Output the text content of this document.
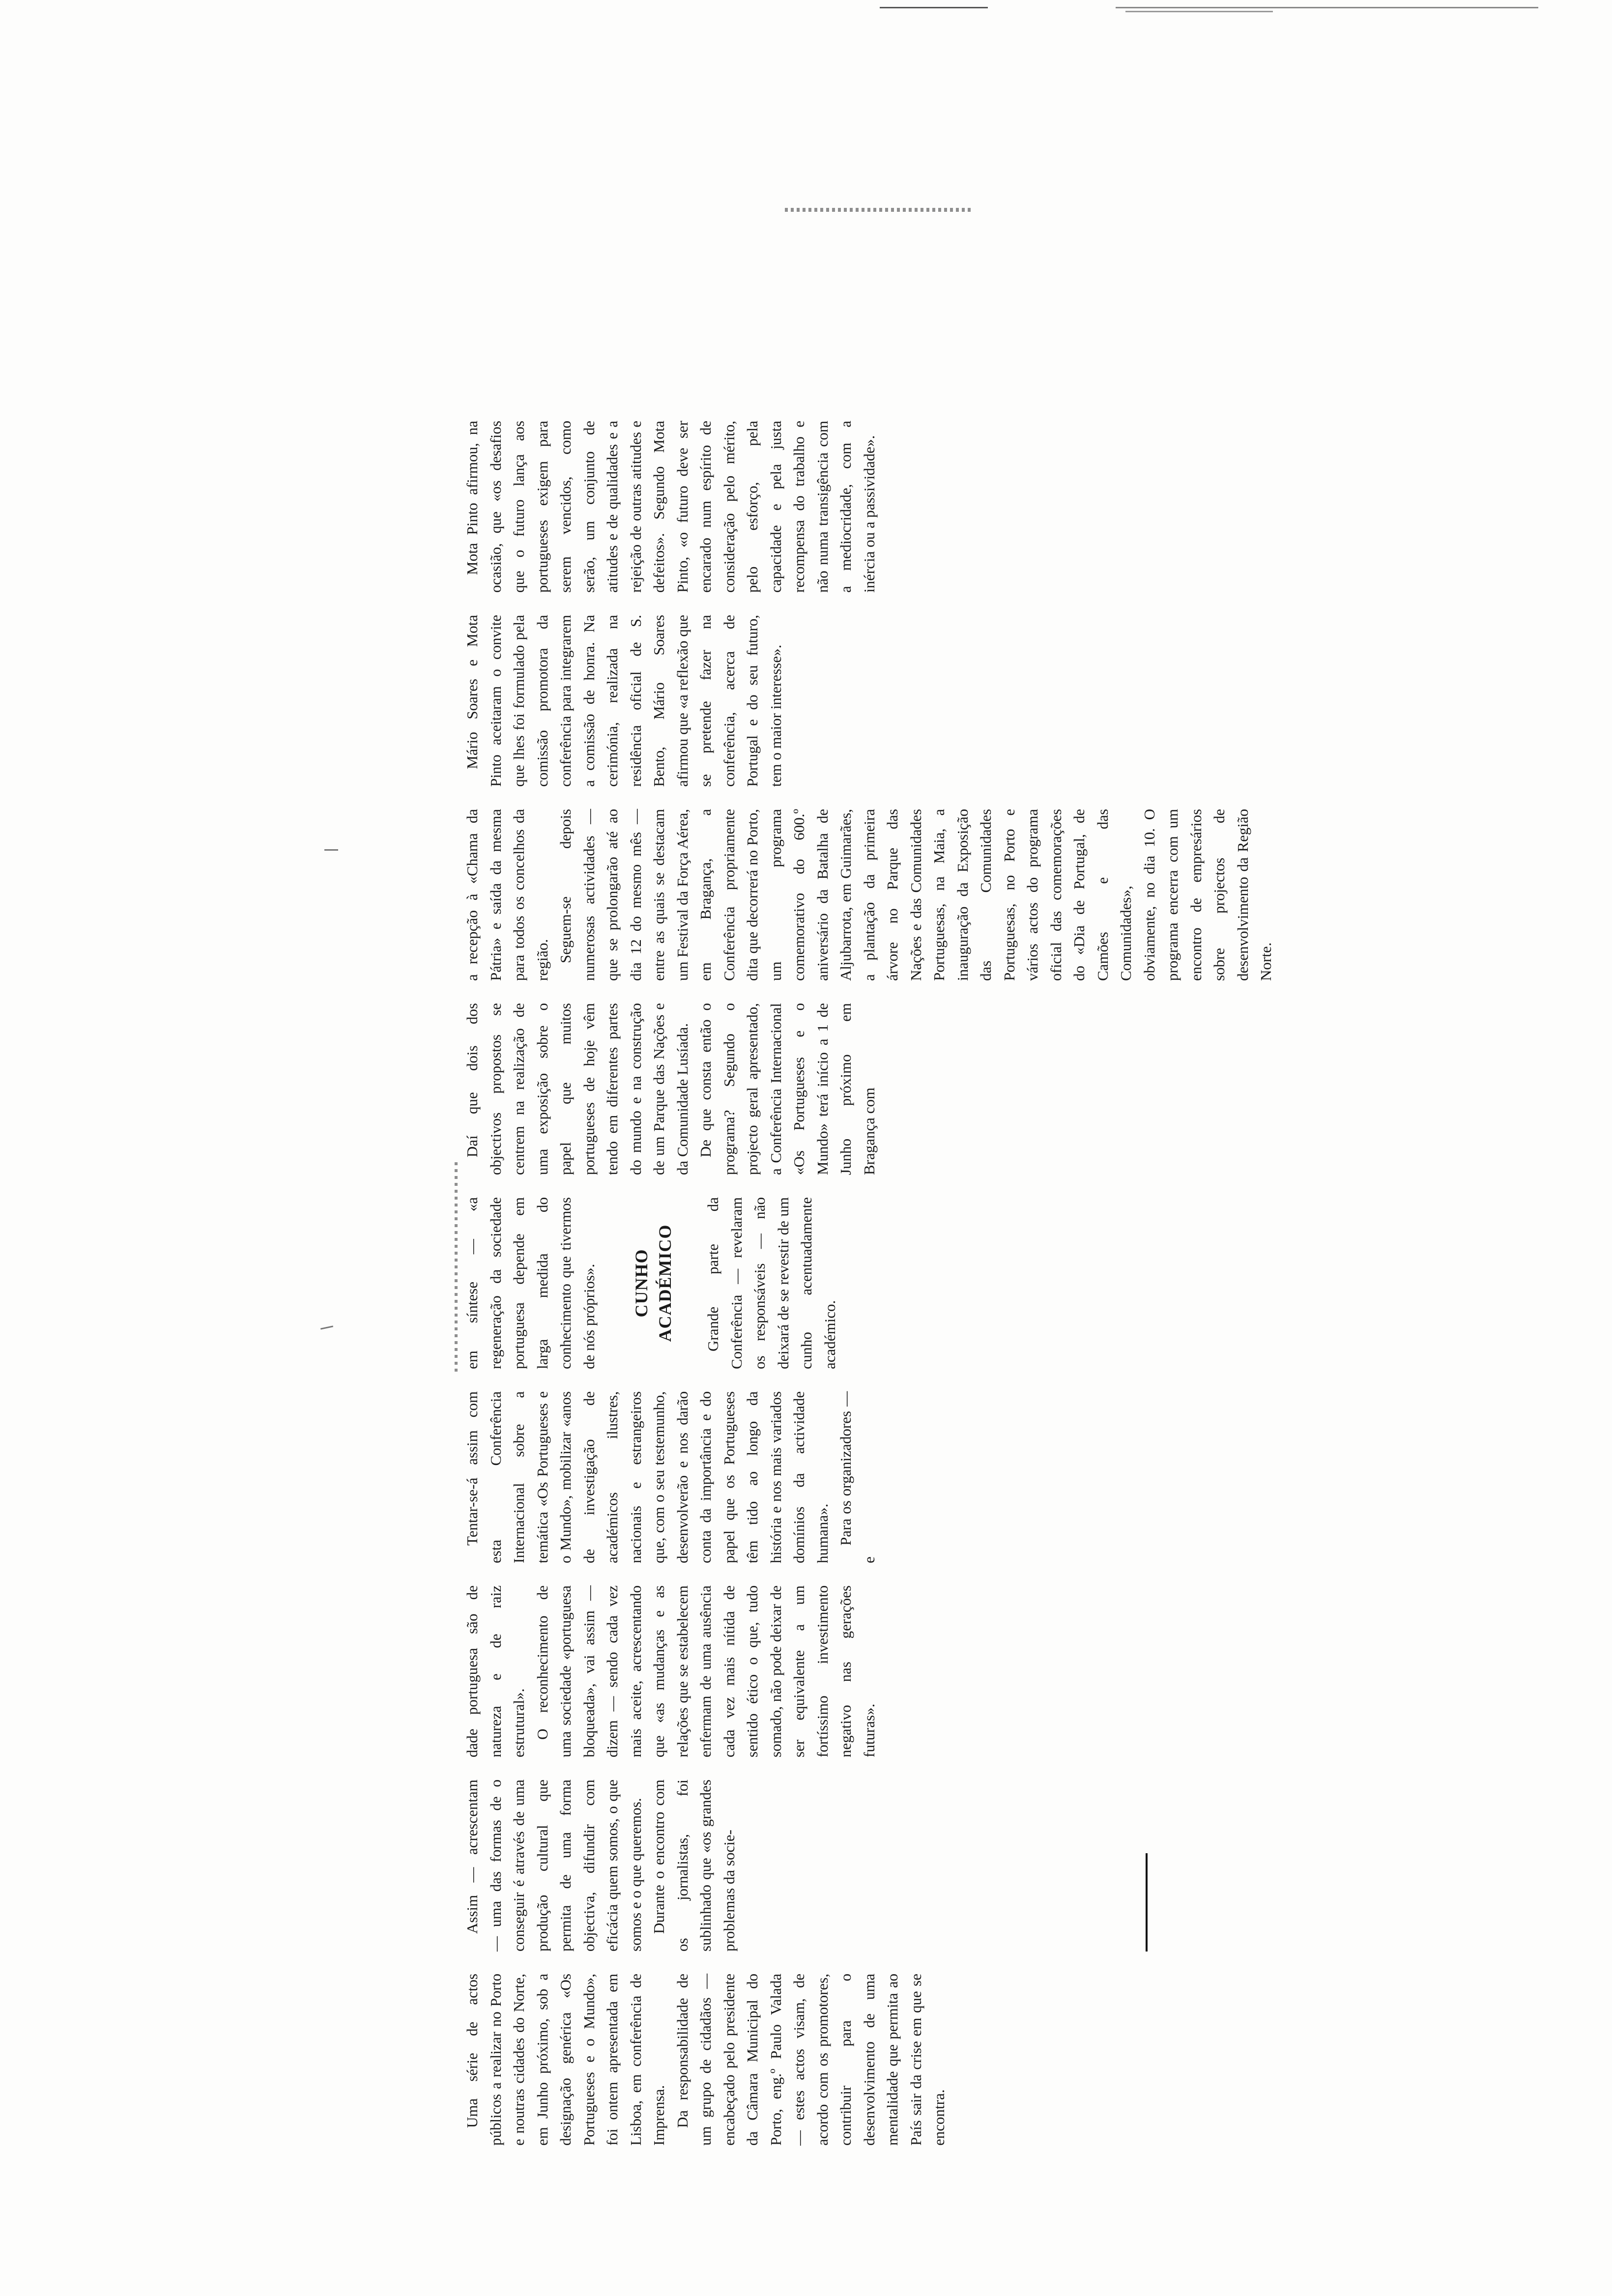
Uma série de actos públicos a realizar no Porto e noutras cidades do Norte, em Junho próximo, sob a designação genérica «Os Portugueses e o Mundo», foi ontem apresentada em Lisboa, em conferência de Imprensa. Da responsabilidade de um grupo de cidadãos — encabeçado pelo presidente da Câmara Municipal do Porto, eng.º Paulo Valada — estes actos visam, de acordo com os promotores, contribuir para o desenvolvimento de uma mentalidade que permita ao País sair da crise em que se encontra.

Assim — acrescentam — uma das formas de o conseguir é através de uma produção cultural que permita de uma forma objectiva, difundir com eficácia quem somos, o que somos e o que queremos. Durante o encontro com os jornalistas, foi sublinhado que «os grandes problemas da socie-

dade portuguesa são de natureza e de raiz estrutural». O reconhecimento de uma sociedade «portuguesa bloqueada», vai assim — dizem — sendo cada vez mais aceite, acrescentando que «as mudanças e as relações que se estabelecem enfermam de uma ausência cada vez mais nítida de sentido ético o que, tudo somado, não pode deixar de ser equivalente a um fortíssimo investimento negativo nas gerações futuras».

Tentar-se-á assim com esta Conferência Internacional sobre a temática «Os Portugueses e o Mundo», mobilizar «anos de investigação de académicos ilustres, nacionais e estrangeiros que, com o seu testemunho, desenvolverão e nos darão conta da importância e do papel que os Portugueses têm tido ao longo da história e nos mais variados domínios da actividade humana». Para os organizadores — e

em síntese — «a regeneração da sociedade portuguesa depende em larga medida do conhecimento que tivermos de nós próprios». CUNHO ACADÉMICO Grande parte da Conferência — revelaram os responsáveis — não deixará de se revestir de um cunho acentuadamente académico.

Daí que dois dos objectivos propostos se centrem na realização de uma exposição sobre o papel que muitos portugueses de hoje vêm tendo em diferentes partes do mundo e na construção de um Parque das Nações e da Comunidade Lusíada. De que consta então o programa? Segundo o projecto geral apresentado, a Conferência Internacional «Os Portugueses e o Mundo» terá início a 1 de Junho próximo em Bragança com

a recepção à «Chama da Pátria» e saída da mesma para todos os concelhos da região. Seguem-se depois numerosas actividades — que se prolongarão até ao dia 12 do mesmo mês — entre as quais se destacam um Festival da Força Aérea, em Bragança, a Conferência propriamente dita que decorrerá no Porto, um programa comemorativo do 600.º aniversário da Batalha de Aljubarrota, em Guimarães, a plantação da primeira árvore no Parque das Nações e das Comunidades Portuguesas, na Maia, a inauguração da Exposição das Comunidades Portuguesas, no Porto e vários actos do programa oficial das comemorações do «Dia de Portugal, de Camões e das Comunidades», obviamente, no dia 10. O programa encerra com um encontro de empresários sobre projectos de desenvolvimento da Região Norte.

Mário Soares e Mota Pinto aceitaram o convite que lhes foi formulado pela comissão promotora da conferência para integrarem a comissão de honra. Na cerimónia, realizada na residência oficial de S. Bento, Mário Soares afirmou que «a reflexão que se pretende fazer na conferência, acerca de Portugal e do seu futuro, tem o maior interesse».

Mota Pinto afirmou, na ocasião, que «os desafios que o futuro lança aos portugueses exigem para serem vencidos, como serão, um conjunto de atitudes e de qualidades e a rejeição de outras atitudes e defeitos». Segundo Mota Pinto, «o futuro deve ser encarado num espírito de consideração pelo mérito, pelo esforço, pela capacidade e pela justa recompensa do trabalho e não numa transigência com a mediocridade, com a inércia ou a passividade».
